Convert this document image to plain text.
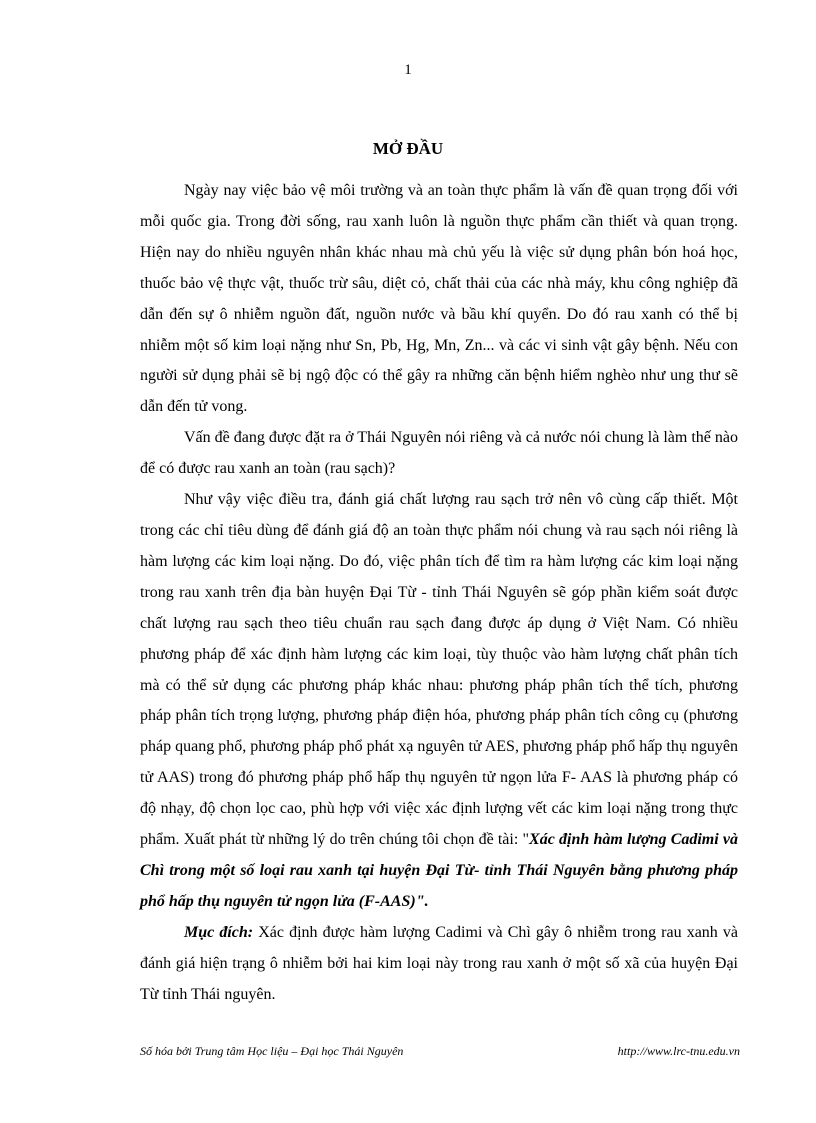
1
MỞ ĐẦU

Ngày nay việc bảo vệ môi trường và an toàn thực phẩm là vấn đề quan trọng đối với mỗi quốc gia. Trong đời sống, rau xanh luôn là nguồn thực phẩm cần thiết và quan trọng. Hiện nay do nhiều nguyên nhân khác nhau mà chủ yếu là việc sử dụng phân bón hoá học, thuốc bảo vệ thực vật, thuốc trừ sâu, diệt cỏ, chất thải của các nhà máy, khu công nghiệp đã dẫn đến sự ô nhiễm nguồn đất, nguồn nước và bầu khí quyển. Do đó rau xanh có thể bị nhiễm một số kim loại nặng như Sn, Pb, Hg, Mn, Zn... và các vi sinh vật gây bệnh. Nếu con người sử dụng phải sẽ bị ngộ độc có thể gây ra những căn bệnh hiểm nghèo như ung thư sẽ dẫn đến tử vong.

Vấn đề đang được đặt ra ở Thái Nguyên nói riêng và cả nước nói chung là làm thế nào để có được rau xanh an toàn (rau sạch)?

Như vậy việc điều tra, đánh giá chất lượng rau sạch trở nên vô cùng cấp thiết. Một trong các chỉ tiêu dùng để đánh giá độ an toàn thực phẩm nói chung và rau sạch nói riêng là hàm lượng các kim loại nặng. Do đó, việc phân tích để tìm ra hàm lượng các kim loại nặng trong rau xanh trên địa bàn huyện Đại Từ - tỉnh Thái Nguyên sẽ góp phần kiểm soát được chất lượng rau sạch theo tiêu chuẩn rau sạch đang được áp dụng ở Việt Nam. Có nhiều phương pháp để xác định hàm lượng các kim loại, tùy thuộc vào hàm lượng chất phân tích mà có thể sử dụng các phương pháp khác nhau: phương pháp phân tích thể tích, phương pháp phân tích trọng lượng, phương pháp điện hóa, phương pháp phân tích công cụ (phương pháp quang phổ, phương pháp phổ phát xạ nguyên tử AES, phương pháp phổ hấp thụ nguyên tử AAS) trong đó phương pháp phổ hấp thụ nguyên tử ngọn lửa F- AAS là phương pháp có độ nhạy, độ chọn lọc cao, phù hợp với việc xác định lượng vết các kim loại nặng trong thực phẩm. Xuất phát từ những lý do trên chúng tôi chọn đề tài: "Xác định hàm lượng Cadimi và Chì trong một số loại rau xanh tại huyện Đại Từ- tỉnh Thái Nguyên bằng phương pháp phổ hấp thụ nguyên tử ngọn lửa (F-AAS)".

Mục đích: Xác định được hàm lượng Cadimi và Chì gây ô nhiễm trong rau xanh và đánh giá hiện trạng ô nhiễm bởi hai kim loại này trong rau xanh ở một số xã của huyện Đại Từ tỉnh Thái nguyên.

Số hóa bởi Trung tâm Học liệu – Đại học Thái Nguyên	http://www.lrc-tnu.edu.vn
